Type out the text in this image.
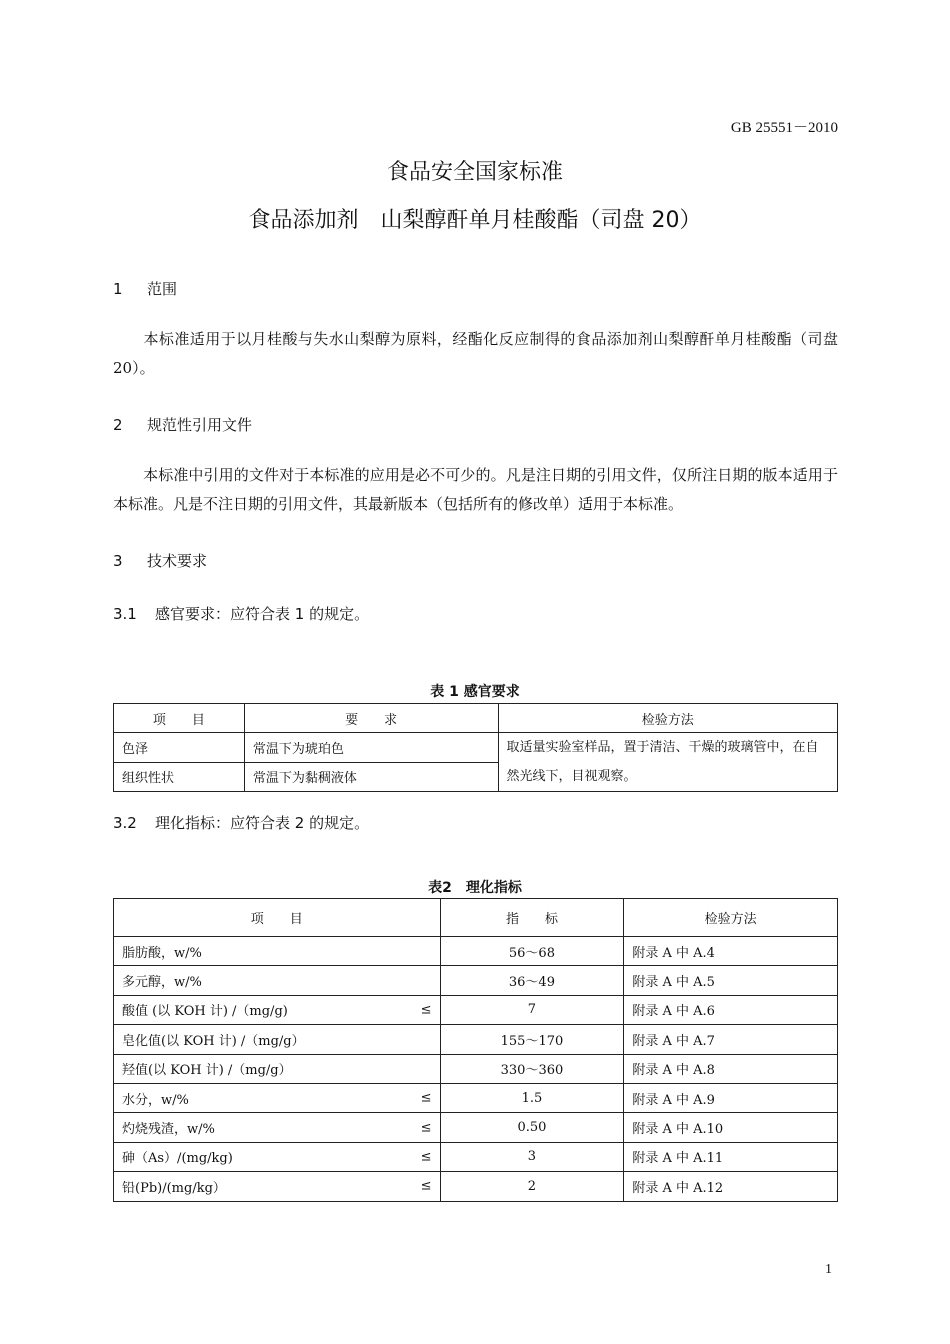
GB 25551－2010
食品安全国家标准
食品添加剂 山梨醇酐单月桂酸酯（司盘 20）
1 范围
本标准适用于以月桂酸与失水山梨醇为原料，经酯化反应制得的食品添加剂山梨醇酐单月桂酸酯（司盘 20）。
2 规范性引用文件
本标准中引用的文件对于本标准的应用是必不可少的。凡是注日期的引用文件，仅所注日期的版本适用于本标准。凡是不注日期的引用文件，其最新版本（包括所有的修改单）适用于本标准。
3 技术要求
3.1 感官要求：应符合表 1 的规定。
表 1 感官要求
项　　目	要　　求	检验方法
色泽	常温下为琥珀色	取适量实验室样品，置于清洁、干燥的玻璃管中，在自然光线下，目视观察。
组织性状	常温下为黏稠液体	
3.2 理化指标：应符合表 2 的规定。
表2　理化指标
项　　目	指　　标	检验方法
脂肪酸，w/%	56～68	附录 A 中 A.4
多元醇，w/%	36～49	附录 A 中 A.5
酸值 (以 KOH 计) /（mg/g) ≤	7	附录 A 中 A.6
皂化值(以 KOH 计) /（mg/g）	155～170	附录 A 中 A.7
羟值(以 KOH 计) /（mg/g）	330～360	附录 A 中 A.8
水分，w/% ≤	1.5	附录 A 中 A.9
灼烧残渣，w/% ≤	0.50	附录 A 中 A.10
砷（As）/(mg/kg) ≤	3	附录 A 中 A.11
铅(Pb)/(mg/kg） ≤	2	附录 A 中 A.12
1
